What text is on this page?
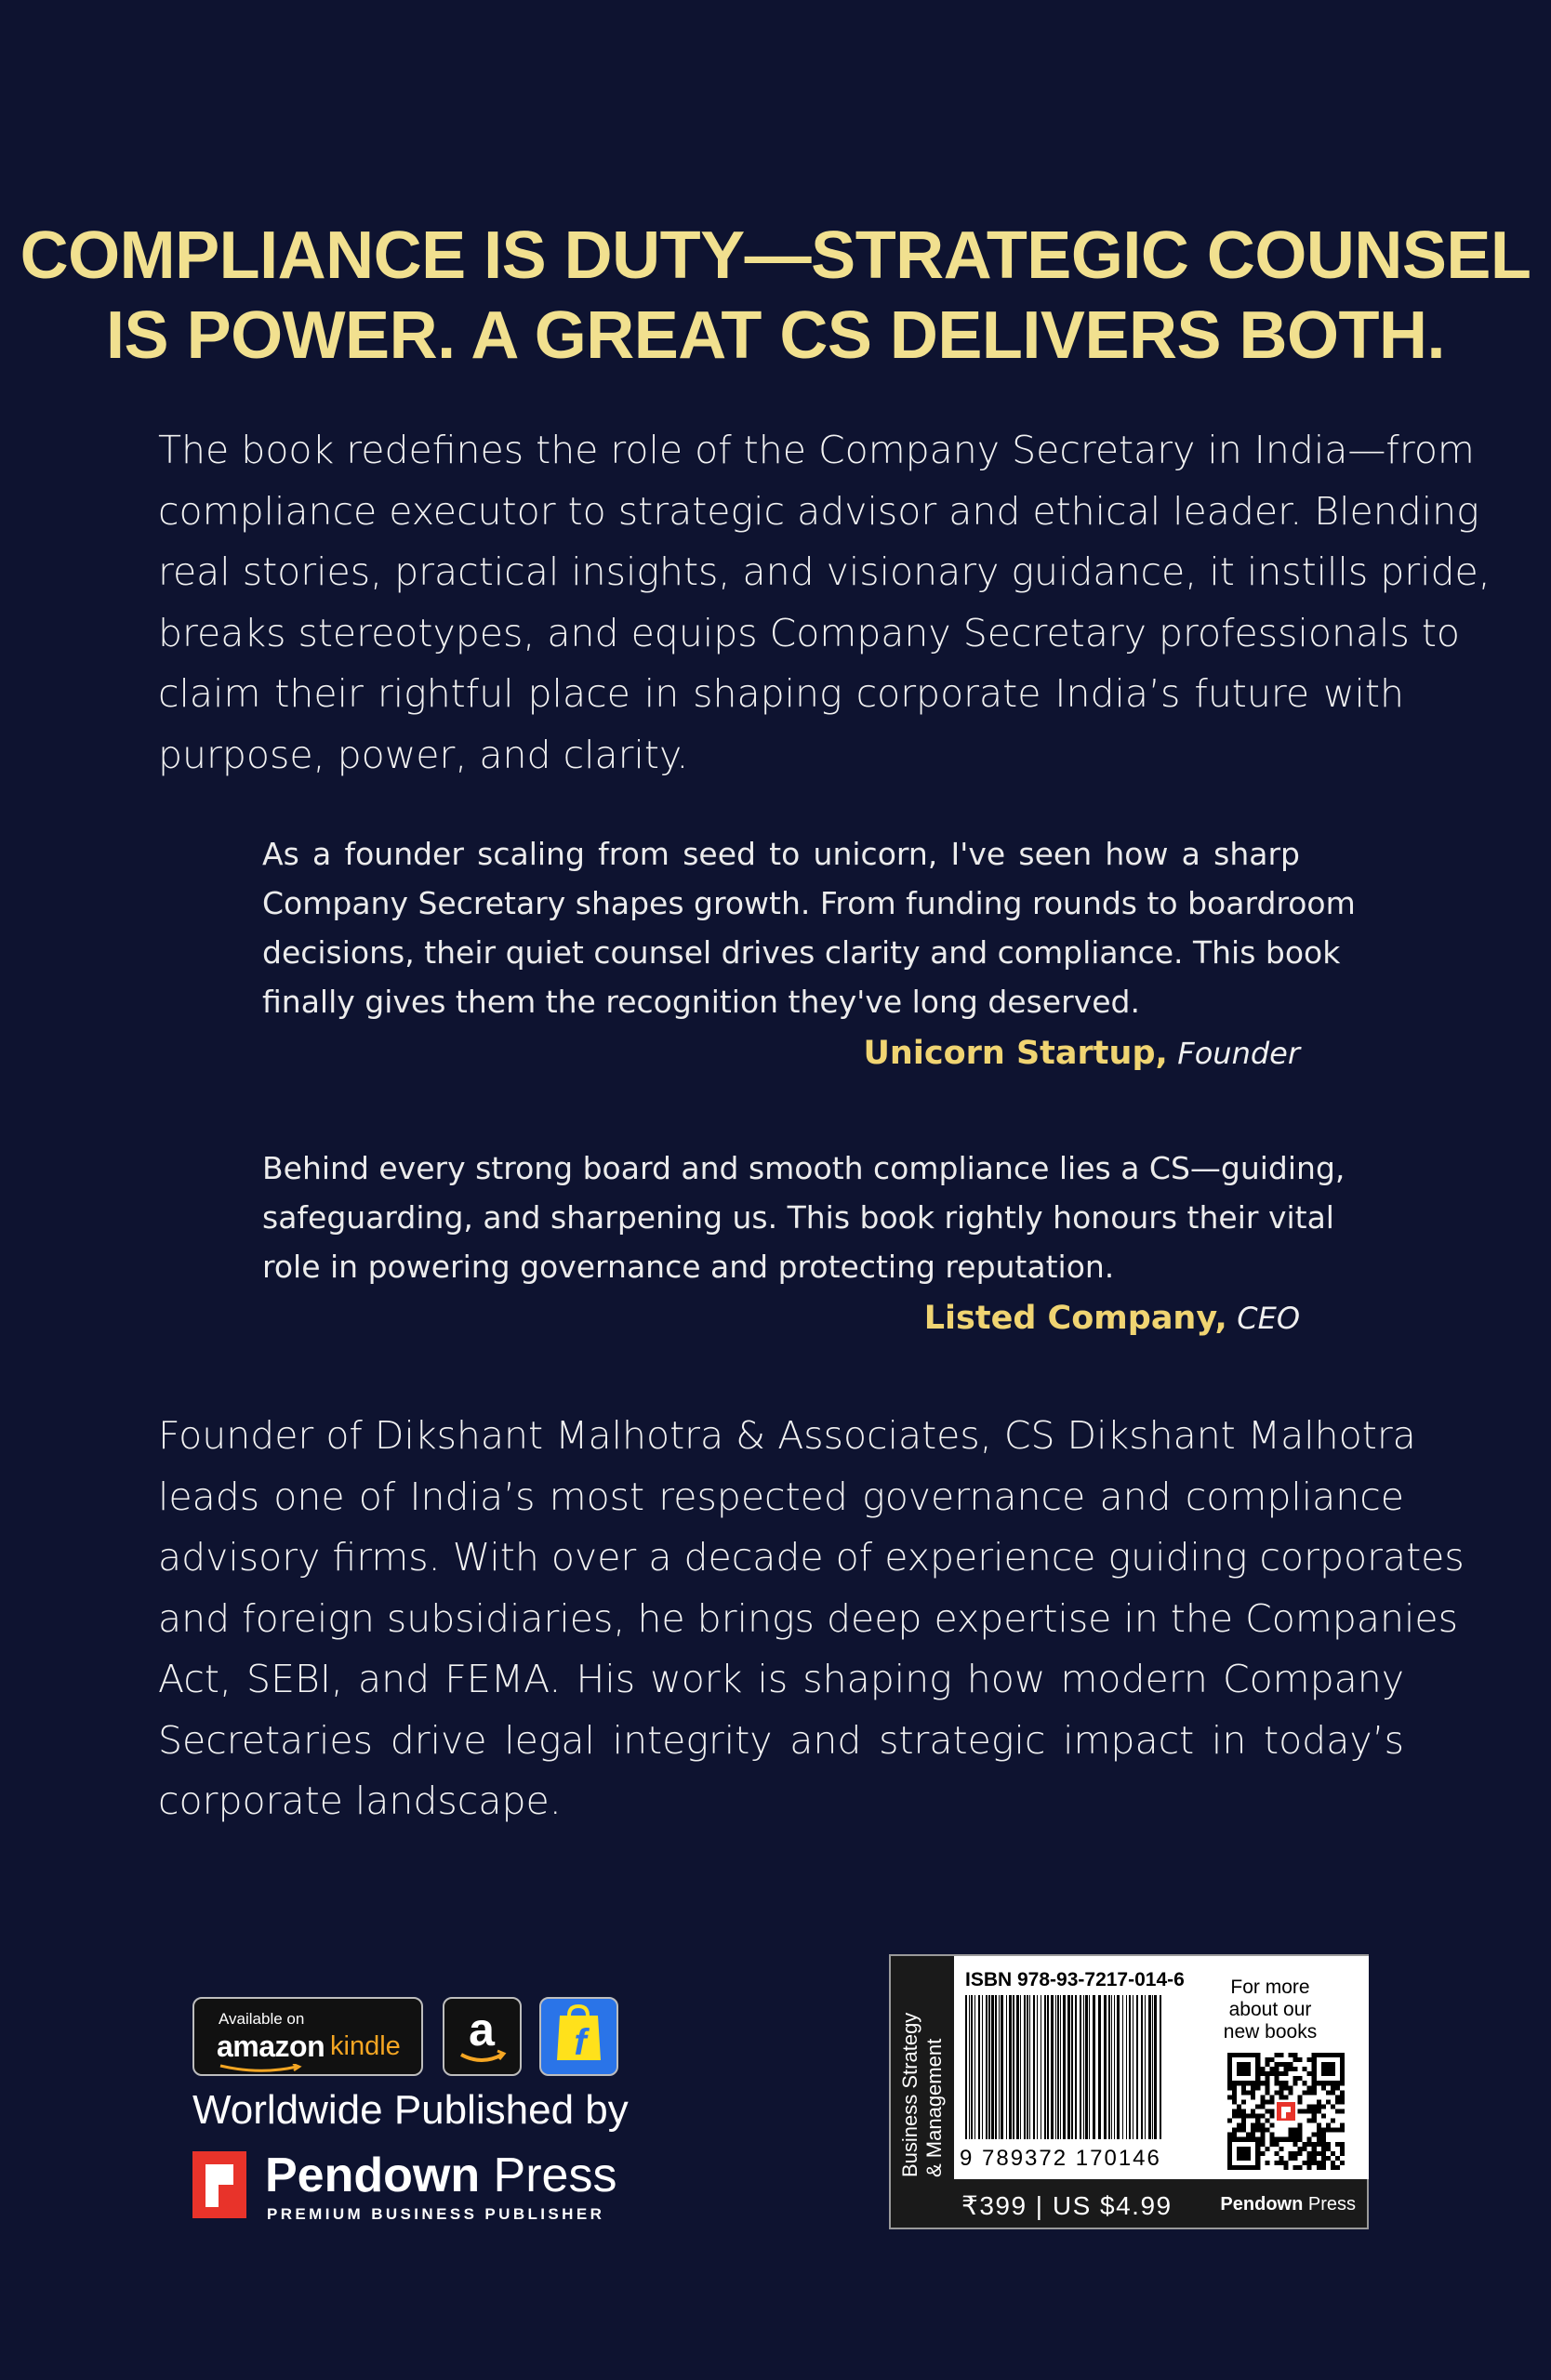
COMPLIANCE IS DUTY—STRATEGIC COUNSEL
IS POWER. A GREAT CS DELIVERS BOTH.
The book redefines the role of the Company Secretary in India—from
compliance executor to strategic advisor and ethical leader. Blending
real stories, practical insights, and visionary guidance, it instills pride,
breaks stereotypes, and equips Company Secretary professionals to
claim their rightful place in shaping corporate India’s future with
purpose, power, and clarity.
As a founder scaling from seed to unicorn, I've seen how a sharp
Company Secretary shapes growth. From funding rounds to boardroom
decisions, their quiet counsel drives clarity and compliance. This book
finally gives them the recognition they've long deserved.
Unicorn Startup, Founder
Behind every strong board and smooth compliance lies a CS—guiding,
safeguarding, and sharpening us. This book rightly honours their vital
role in powering governance and protecting reputation.
Listed Company, CEO
Founder of Dikshant Malhotra & Associates, CS Dikshant Malhotra
leads one of India’s most respected governance and compliance
advisory firms. With over a decade of experience guiding corporates
and foreign subsidiaries, he brings deep expertise in the Companies
Act, SEBI, and FEMA. His work is shaping how modern Company
Secretaries drive legal integrity and strategic impact in today’s
corporate landscape.
Available on
amazon kindle a f
Worldwide Published by
Pendown Press
PREMIUM BUSINESS PUBLISHER
Business Strategy & Management
ISBN 978-93-7217-014-6
9 789372 170146
For more
about our
new books
₹399 | US $4.99	Pendown Press
